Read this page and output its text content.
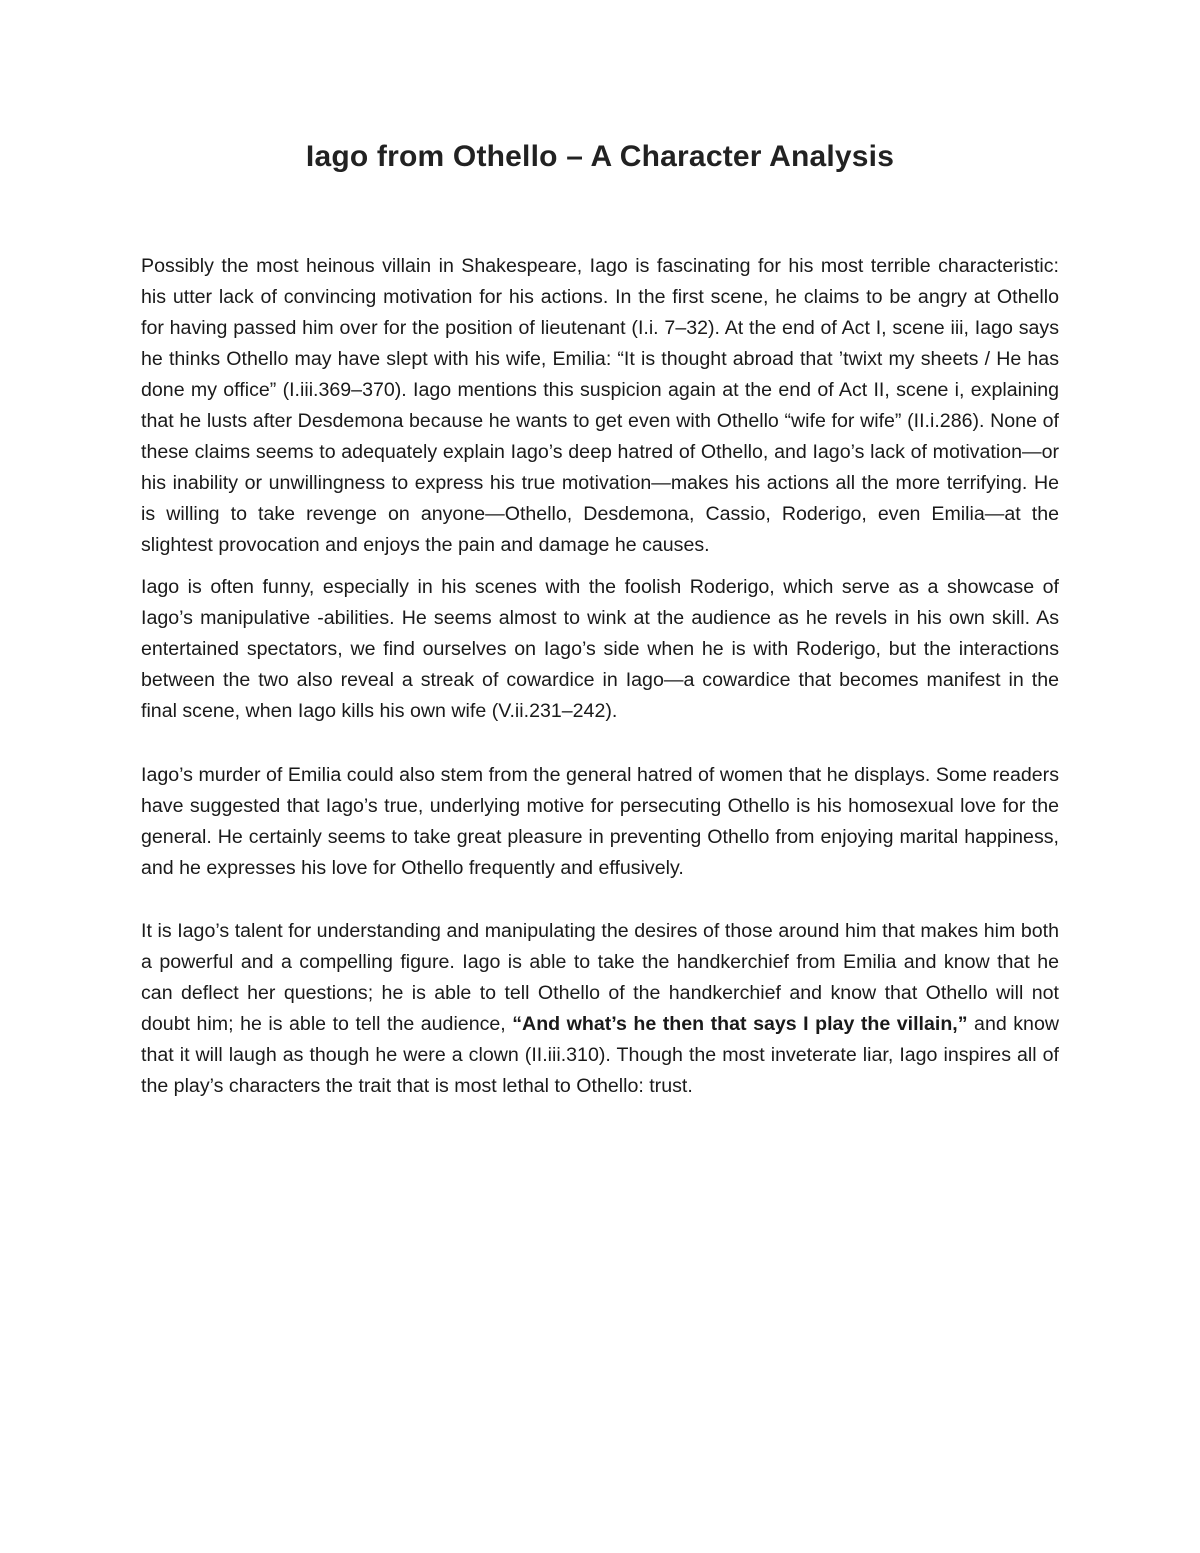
Iago from Othello – A Character Analysis

Possibly the most heinous villain in Shakespeare, Iago is fascinating for his most terrible characteristic: his utter lack of convincing motivation for his actions. In the first scene, he claims to be angry at Othello for having passed him over for the position of lieutenant (I.i. 7–32). At the end of Act I, scene iii, Iago says he thinks Othello may have slept with his wife, Emilia: “It is thought abroad that ’twixt my sheets / He has done my office” (I.iii.369–370). Iago mentions this suspicion again at the end of Act II, scene i, explaining that he lusts after Desdemona because he wants to get even with Othello “wife for wife” (II.i.286). None of these claims seems to adequately explain Iago’s deep hatred of Othello, and Iago’s lack of motivation—or his inability or unwillingness to express his true motivation—makes his actions all the more terrifying. He is willing to take revenge on anyone—Othello, Desdemona, Cassio, Roderigo, even Emilia—at the slightest provocation and enjoys the pain and damage he causes.

Iago is often funny, especially in his scenes with the foolish Roderigo, which serve as a showcase of Iago’s manipulative -abilities. He seems almost to wink at the audience as he revels in his own skill. As entertained spectators, we find ourselves on Iago’s side when he is with Roderigo, but the interactions between the two also reveal a streak of cowardice in Iago—a cowardice that becomes manifest in the final scene, when Iago kills his own wife (V.ii.231–242).

Iago’s murder of Emilia could also stem from the general hatred of women that he displays. Some readers have suggested that Iago’s true, underlying motive for persecuting Othello is his homosexual love for the general. He certainly seems to take great pleasure in preventing Othello from enjoying marital happiness, and he expresses his love for Othello frequently and effusively.

It is Iago’s talent for understanding and manipulating the desires of those around him that makes him both a powerful and a compelling figure. Iago is able to take the handkerchief from Emilia and know that he can deflect her questions; he is able to tell Othello of the handkerchief and know that Othello will not doubt him; he is able to tell the audience, “And what’s he then that says I play the villain,” and know that it will laugh as though he were a clown (II.iii.310). Though the most inveterate liar, Iago inspires all of the play’s characters the trait that is most lethal to Othello: trust.
